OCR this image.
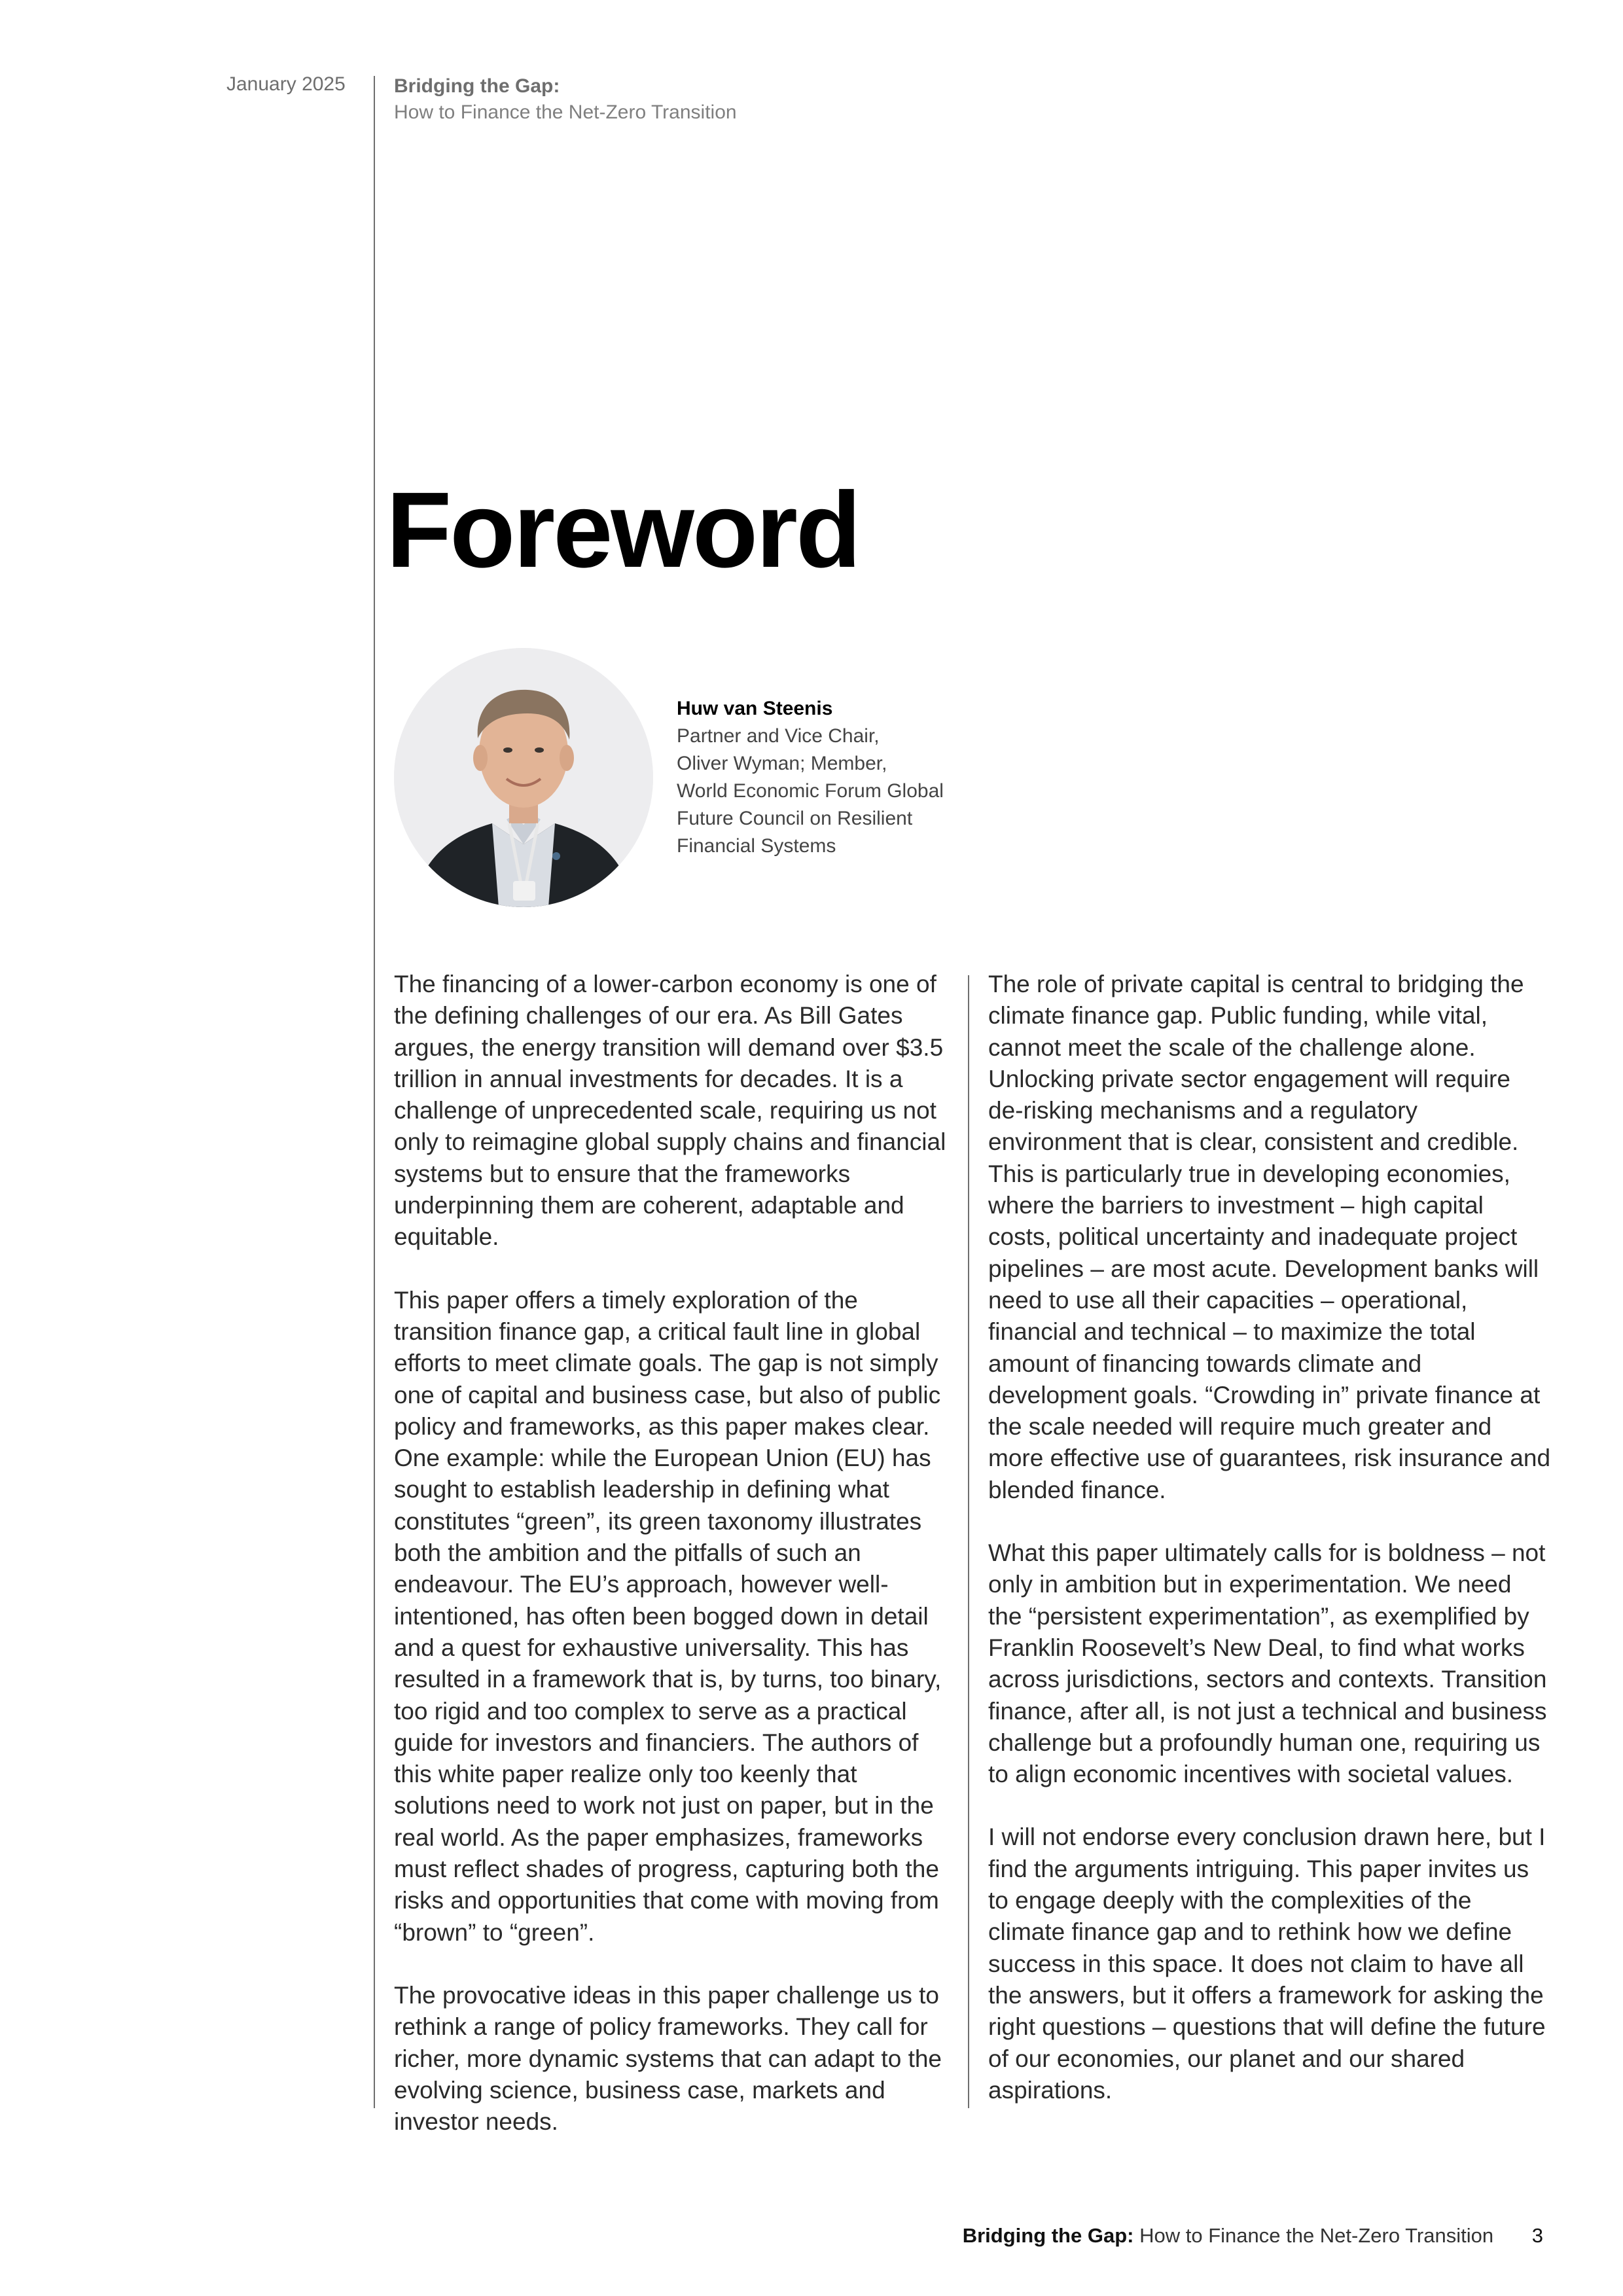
January 2025 Bridging the Gap:
How to Finance the Net-Zero Transition
Foreword
Huw van Steenis
Partner and Vice Chair,
Oliver Wyman; Member,
World Economic Forum Global
Future Council on Resilient
Financial Systems

The financing of a lower-carbon economy is one of the defining challenges of our era. As Bill Gates argues, the energy transition will demand over $3.5 trillion in annual investments for decades. It is a challenge of unprecedented scale, requiring us not only to reimagine global supply chains and financial systems but to ensure that the frameworks underpinning them are coherent, adaptable and equitable.

This paper offers a timely exploration of the transition finance gap, a critical fault line in global efforts to meet climate goals. The gap is not simply one of capital and business case, but also of public policy and frameworks, as this paper makes clear. One example: while the European Union (EU) has sought to establish leadership in defining what constitutes “green”, its green taxonomy illustrates both the ambition and the pitfalls of such an endeavour. The EU’s approach, however well-intentioned, has often been bogged down in detail and a quest for exhaustive universality. This has resulted in a framework that is, by turns, too binary, too rigid and too complex to serve as a practical guide for investors and financiers. The authors of this white paper realize only too keenly that solutions need to work not just on paper, but in the real world. As the paper emphasizes, frameworks must reflect shades of progress, capturing both the risks and opportunities that come with moving from “brown” to “green”.

The provocative ideas in this paper challenge us to rethink a range of policy frameworks. They call for richer, more dynamic systems that can adapt to the evolving science, business case, markets and investor needs.

The role of private capital is central to bridging the climate finance gap. Public funding, while vital, cannot meet the scale of the challenge alone. Unlocking private sector engagement will require de-risking mechanisms and a regulatory environment that is clear, consistent and credible. This is particularly true in developing economies, where the barriers to investment – high capital costs, political uncertainty and inadequate project pipelines – are most acute. Development banks will need to use all their capacities – operational, financial and technical – to maximize the total amount of financing towards climate and development goals. “Crowding in” private finance at the scale needed will require much greater and more effective use of guarantees, risk insurance and blended finance.

What this paper ultimately calls for is boldness – not only in ambition but in experimentation. We need the “persistent experimentation”, as exemplified by Franklin Roosevelt’s New Deal, to find what works across jurisdictions, sectors and contexts. Transition finance, after all, is not just a technical and business challenge but a profoundly human one, requiring us to align economic incentives with societal values.

I will not endorse every conclusion drawn here, but I find the arguments intriguing. This paper invites us to engage deeply with the complexities of the climate finance gap and to rethink how we define success in this space. It does not claim to have all the answers, but it offers a framework for asking the right questions – questions that will define the future of our economies, our planet and our shared aspirations.

Bridging the Gap: How to Finance the Net-Zero Transition 3
